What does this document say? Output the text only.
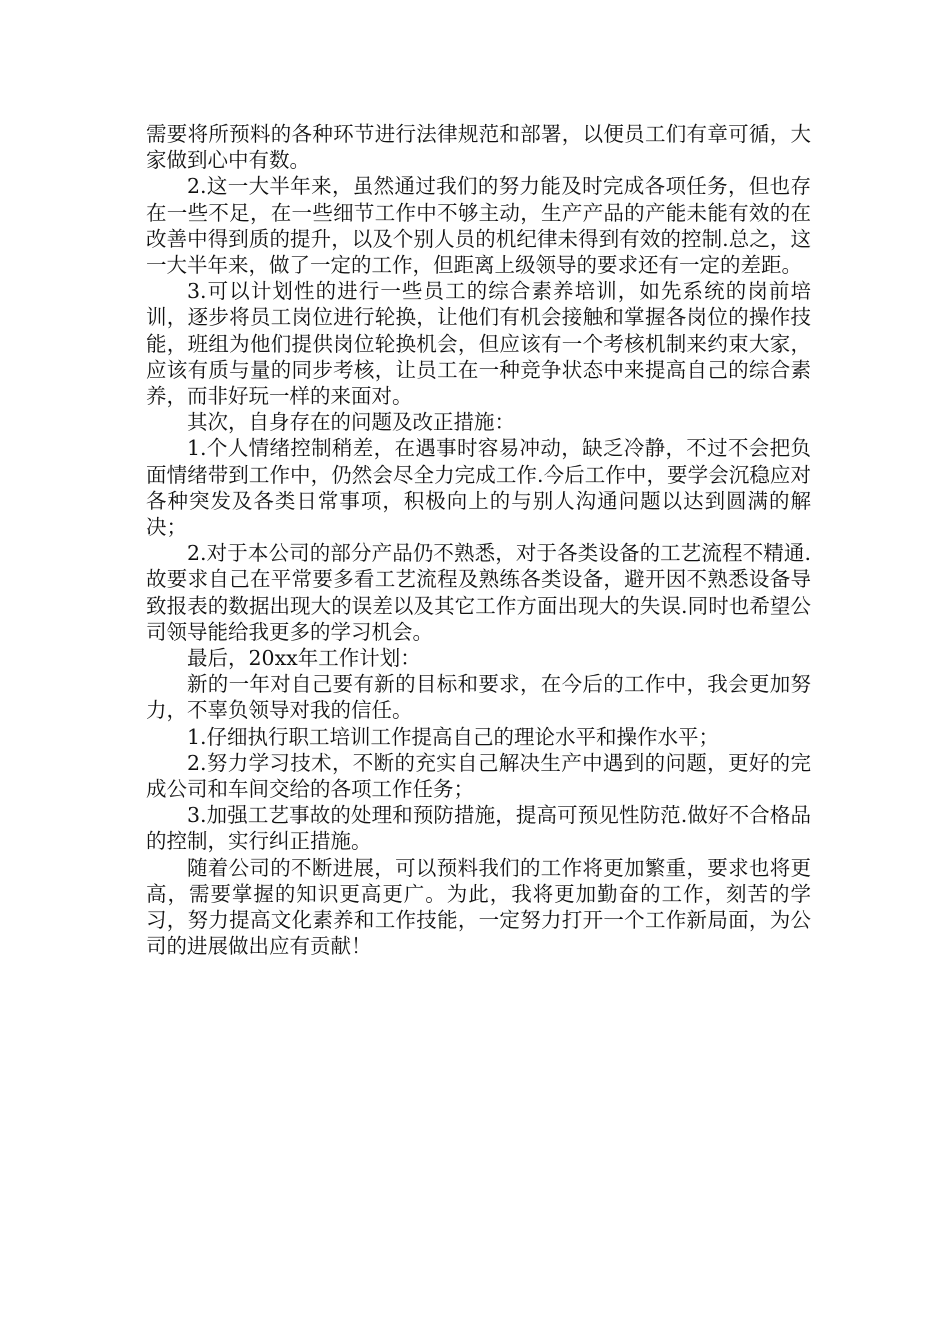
需要将所预料的各种环节进行法律规范和部署，以便员工们有章可循，大家做到心中有数。

2.这一大半年来，虽然通过我们的努力能及时完成各项任务，但也存在一些不足，在一些细节工作中不够主动，生产产品的产能未能有效的在改善中得到质的提升，以及个别人员的机纪律未得到有效的控制.总之，这一大半年来，做了一定的工作，但距离上级领导的要求还有一定的差距。

3.可以计划性的进行一些员工的综合素养培训，如先系统的岗前培训，逐步将员工岗位进行轮换，让他们有机会接触和掌握各岗位的操作技能，班组为他们提供岗位轮换机会，但应该有一个考核机制来约束大家，应该有质与量的同步考核，让员工在一种竞争状态中来提高自己的综合素养，而非好玩一样的来面对。

其次，自身存在的问题及改正措施：

1.个人情绪控制稍差，在遇事时容易冲动，缺乏冷静，不过不会把负面情绪带到工作中，仍然会尽全力完成工作.今后工作中，要学会沉稳应对各种突发及各类日常事项，积极向上的与别人沟通问题以达到圆满的解决；

2.对于本公司的部分产品仍不熟悉，对于各类设备的工艺流程不精通.故要求自己在平常要多看工艺流程及熟练各类设备，避开因不熟悉设备导致报表的数据出现大的误差以及其它工作方面出现大的失误.同时也希望公司领导能给我更多的学习机会。

最后，20xx年工作计划：

新的一年对自己要有新的目标和要求，在今后的工作中，我会更加努力，不辜负领导对我的信任。

1.仔细执行职工培训工作提高自己的理论水平和操作水平；

2.努力学习技术，不断的充实自己解决生产中遇到的问题，更好的完成公司和车间交给的各项工作任务；

3.加强工艺事故的处理和预防措施，提高可预见性防范.做好不合格品的控制，实行纠正措施。

随着公司的不断进展，可以预料我们的工作将更加繁重，要求也将更高，需要掌握的知识更高更广。为此，我将更加勤奋的工作，刻苦的学习，努力提高文化素养和工作技能，一定努力打开一个工作新局面，为公司的进展做出应有贡献！
